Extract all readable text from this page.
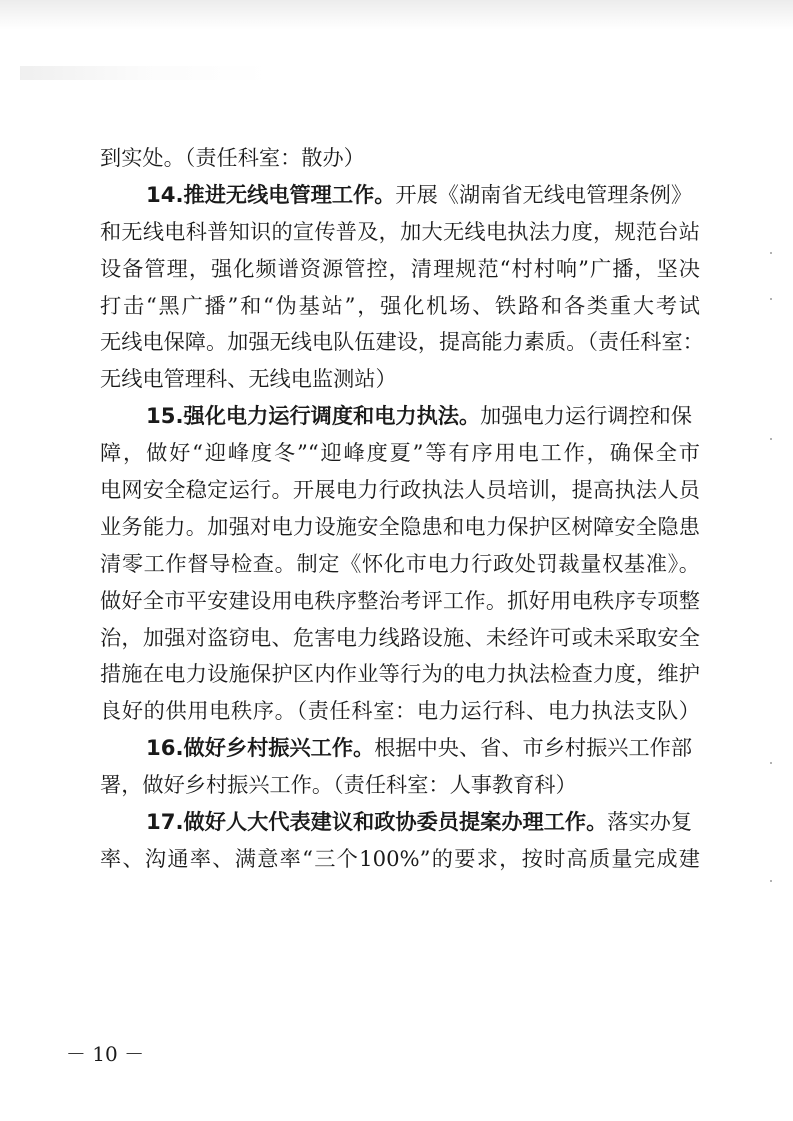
到实处。（责任科室：散办）
14.推进无线电管理工作。开展《湖南省无线电管理条例》
和无线电科普知识的宣传普及，加大无线电执法力度，规范台站
设备管理，强化频谱资源管控，清理规范“村村响”广播，坚决
打击“黑广播”和“伪基站”，强化机场、铁路和各类重大考试
无线电保障。加强无线电队伍建设，提高能力素质。（责任科室：
无线电管理科、无线电监测站）
15.强化电力运行调度和电力执法。加强电力运行调控和保
障，做好“迎峰度冬”“迎峰度夏”等有序用电工作，确保全市
电网安全稳定运行。开展电力行政执法人员培训，提高执法人员
业务能力。加强对电力设施安全隐患和电力保护区树障安全隐患
清零工作督导检查。制定《怀化市电力行政处罚裁量权基准》。
做好全市平安建设用电秩序整治考评工作。抓好用电秩序专项整
治，加强对盗窃电、危害电力线路设施、未经许可或未采取安全
措施在电力设施保护区内作业等行为的电力执法检查力度，维护
良好的供用电秩序。（责任科室：电力运行科、电力执法支队）
16.做好乡村振兴工作。根据中央、省、市乡村振兴工作部
署，做好乡村振兴工作。（责任科室：人事教育科）
17.做好人大代表建议和政协委员提案办理工作。落实办复
率、沟通率、满意率“三个100%”的要求，按时高质量完成建
－ 10 －
